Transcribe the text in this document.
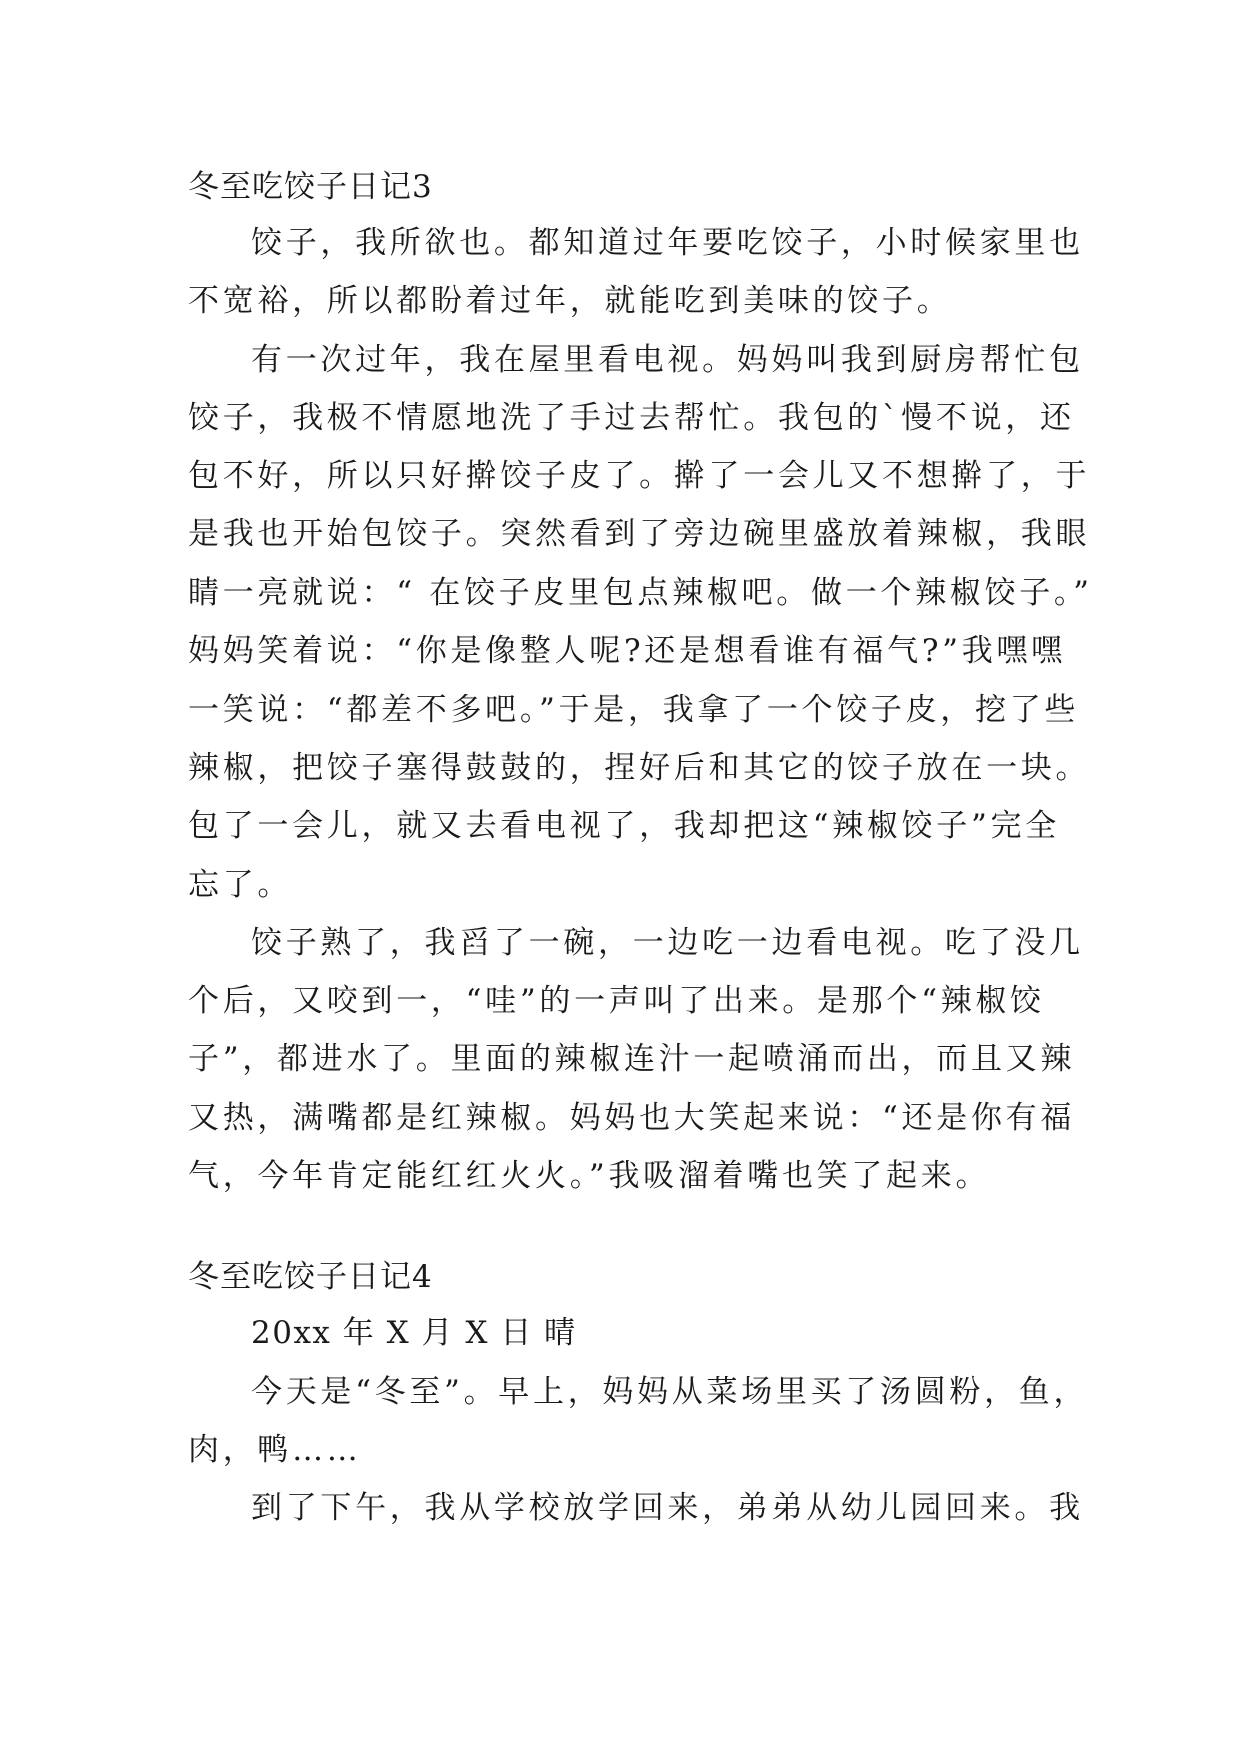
冬至吃饺子日记3
饺子，我所欲也。都知道过年要吃饺子，小时候家里也
不宽裕，所以都盼着过年，就能吃到美味的饺子。
有一次过年，我在屋里看电视。妈妈叫我到厨房帮忙包
饺子，我极不情愿地洗了手过去帮忙。我包的`慢不说，还
包不好，所以只好擀饺子皮了。擀了一会儿又不想擀了，于
是我也开始包饺子。突然看到了旁边碗里盛放着辣椒，我眼
睛一亮就说：“ 在饺子皮里包点辣椒吧。做一个辣椒饺子。”
妈妈笑着说：“你是像整人呢?还是想看谁有福气?”我嘿嘿
一笑说：“都差不多吧。”于是，我拿了一个饺子皮，挖了些
辣椒，把饺子塞得鼓鼓的，捏好后和其它的饺子放在一块。
包了一会儿，就又去看电视了，我却把这“辣椒饺子”完全
忘了。
饺子熟了，我舀了一碗，一边吃一边看电视。吃了没几
个后，又咬到一，“哇”的一声叫了出来。是那个“辣椒饺
子”，都进水了。里面的辣椒连汁一起喷涌而出，而且又辣
又热，满嘴都是红辣椒。妈妈也大笑起来说：“还是你有福
气，今年肯定能红红火火。”我吸溜着嘴也笑了起来。
冬至吃饺子日记4
20xx 年 X 月 X 日 晴
今天是“冬至”。早上，妈妈从菜场里买了汤圆粉，鱼，
肉，鸭……
到了下午，我从学校放学回来，弟弟从幼儿园回来。我
